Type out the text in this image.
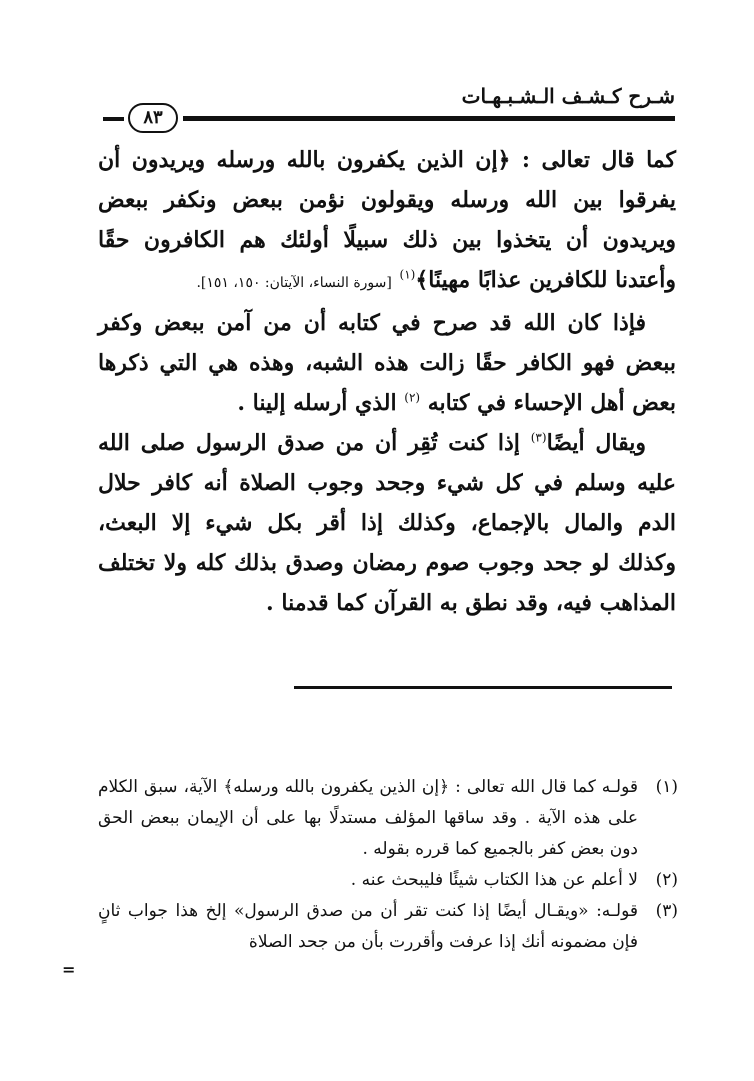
شـرح كـشـف الـشـبـهـات
٨٣

كما قال تعالى : ﴿إن الذين يكفرون بالله ورسله ويريدون أن يفرقوا بين الله ورسله ويقولون نؤمن ببعض ونكفر ببعض ويريدون أن يتخذوا بين ذلك سبيلًا أولئك هم الكافرون حقًا وأعتدنا للكافرين عذابًا مهينًا﴾$^{(١)}$ [سورة النساء، الآيتان: ١٥٠، ١٥١].

فإذا كان الله قد صرح في كتابه أن من آمن ببعض وكفر ببعض فهو الكافر حقًا زالت هذه الشبه، وهذه هي التي ذكرها بعض أهل الإحساء في كتابه $^{(٢)}$ الذي أرسله إلينا .

ويقال أيضًا$^{(٣)}$ إذا كنت تُقِر أن من صدق الرسول صلى الله عليه وسلم في كل شيء وجحد وجوب الصلاة أنه كافر حلال الدم والمال بالإجماع، وكذلك إذا أقر بكل شيء إلا البعث، وكذلك لو جحد وجوب صوم رمضان وصدق بذلك كله ولا تختلف المذاهب فيه، وقد نطق به القرآن كما قدمنا .

(١)
قولـه كما قال الله تعالى : ﴿إن الذين يكفرون بالله ورسله﴾ الآية، سبق الكلام على هذه الآية . وقد ساقها المؤلف مستدلًا بها على أن الإيمان ببعض الحق دون بعض كفر بالجميع كما قرره بقوله .
(٢)
لا أعلم عن هذا الكتاب شيئًا فليبحث عنه .
(٣)
قولـه: «ويقـال أيضًا إذا كنت تقر أن من صدق الرسول» إلخ هذا جواب ثانٍ فإن مضمونه أنك إذا عرفت وأقررت بأن من جحد الصلاة
=
